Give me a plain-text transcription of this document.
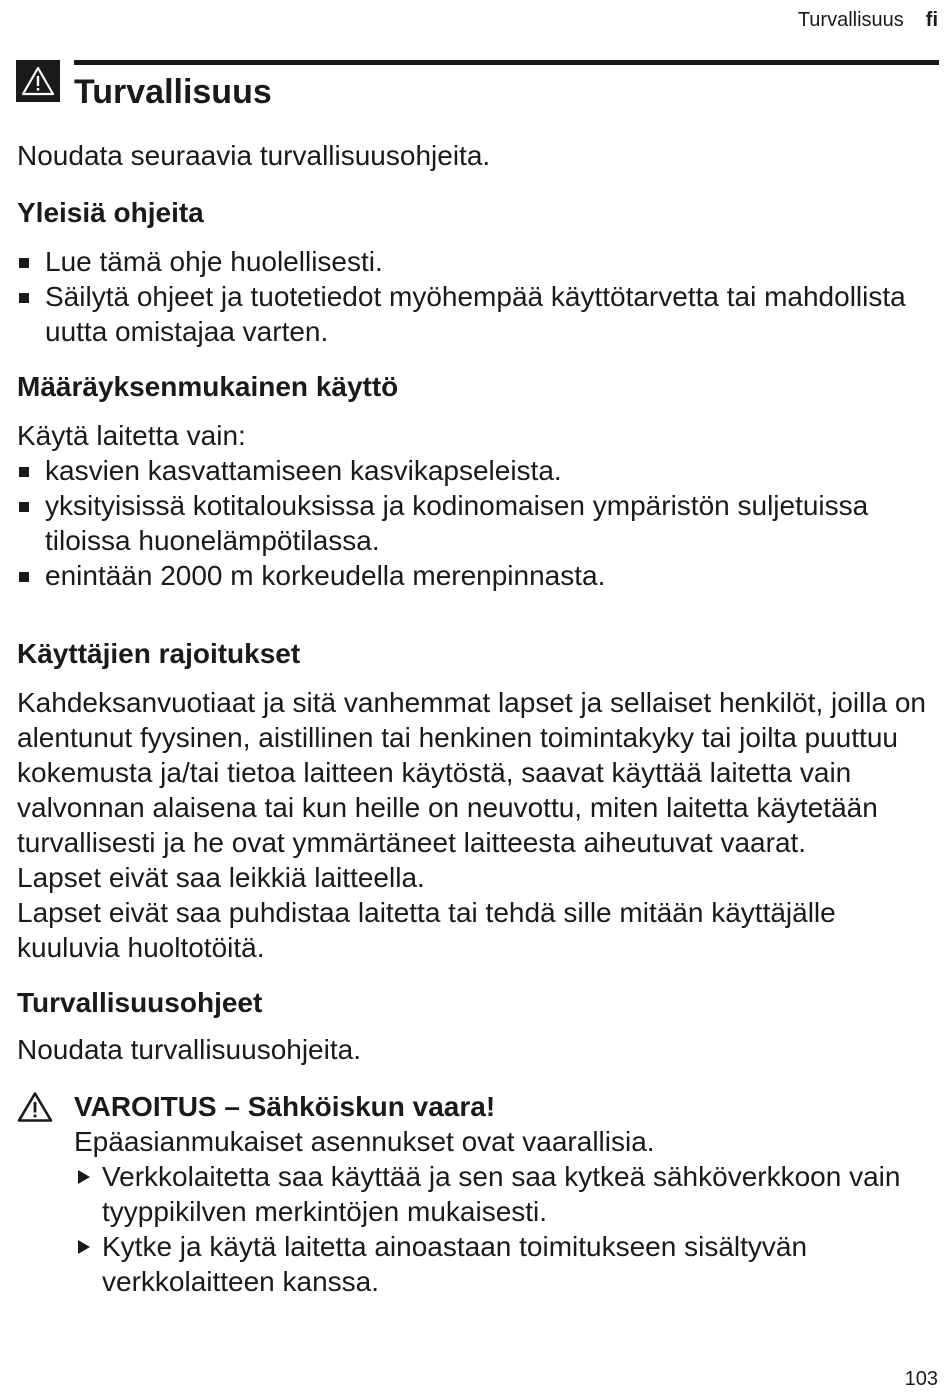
Turvallisuus fi
Turvallisuus

Noudata seuraavia turvallisuusohjeita.

Yleisiä ohjeita
Lue tämä ohje huolellisesti.
Säilytä ohjeet ja tuotetiedot myöhempää käyttötarvetta tai mahdollista uutta omistajaa varten.
Määräyksenmukainen käyttö

Käytä laitetta vain:

kasvien kasvattamiseen kasvikapseleista.
yksityisissä kotitalouksissa ja kodinomaisen ympäristön suljetuissa tiloissa huonelämpötilassa.
enintään 2000 m korkeudella merenpinnasta.
Käyttäjien rajoitukset

Kahdeksanvuotiaat ja sitä vanhemmat lapset ja sellaiset henkilöt, joilla on alentunut fyysinen, aistillinen tai henkinen toimintakyky tai joilta puuttuu kokemusta ja/tai tietoa laitteen käytöstä, saavat käyttää laitetta vain valvonnan alaisena tai kun heille on neuvottu, miten laitetta käytetään turvallisesti ja he ovat ymmärtäneet laitteesta aiheutuvat vaarat.

Lapset eivät saa leikkiä laitteella.

Lapset eivät saa puhdistaa laitetta tai tehdä sille mitään käyttäjälle kuuluvia huoltotöitä.

Turvallisuusohjeet

Noudata turvallisuusohjeita.

VAROITUS – Sähköiskun vaara!

Epäasianmukaiset asennukset ovat vaarallisia.

Verkkolaitetta saa käyttää ja sen saa kytkeä sähköverkkoon vain tyyppikilven merkintöjen mukaisesti.
Kytke ja käytä laitetta ainoastaan toimitukseen sisältyvän verkkolaitteen kanssa.
103
